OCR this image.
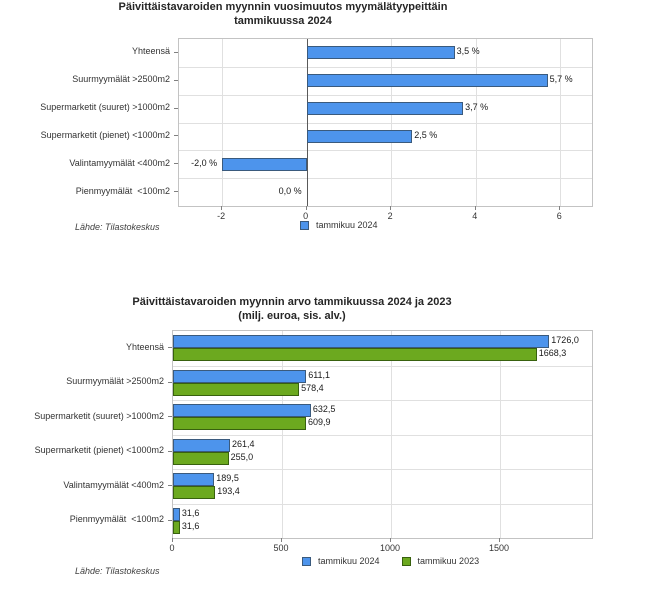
Päivittäistavaroiden myynnin vuosimuutos myymälätyypeittäin
tammikuussa 2024
tammikuu 2024
Lähde: Tilastokeskus
-2	0	2	4	6
Yhteensä
Suurmyymälät >2500m2
Supermarketit (suuret) >1000m2
Supermarketit (pienet) <1000m2
Valintamyymälät <400m2
Pienmyymälät  <100m2
3,5 %
5,7 %
3,7 %
2,5 %
-2,0 %
0,0 %
Päivittäistavaroiden myynnin arvo tammikuussa 2024 ja 2023
(milj. euroa, sis. alv.)
tammikuu 2024	tammikuu 2023
Lähde: Tilastokeskus
0	500	1000	1500
Yhteensä
Suurmyymälät >2500m2
Supermarketit (suuret) >1000m2
Supermarketit (pienet) <1000m2
Valintamyymälät <400m2
Pienmyymälät  <100m2
1726,0
611,1
632,5
261,4
189,5
31,6
1668,3
578,4
609,9
255,0
193,4
31,6
